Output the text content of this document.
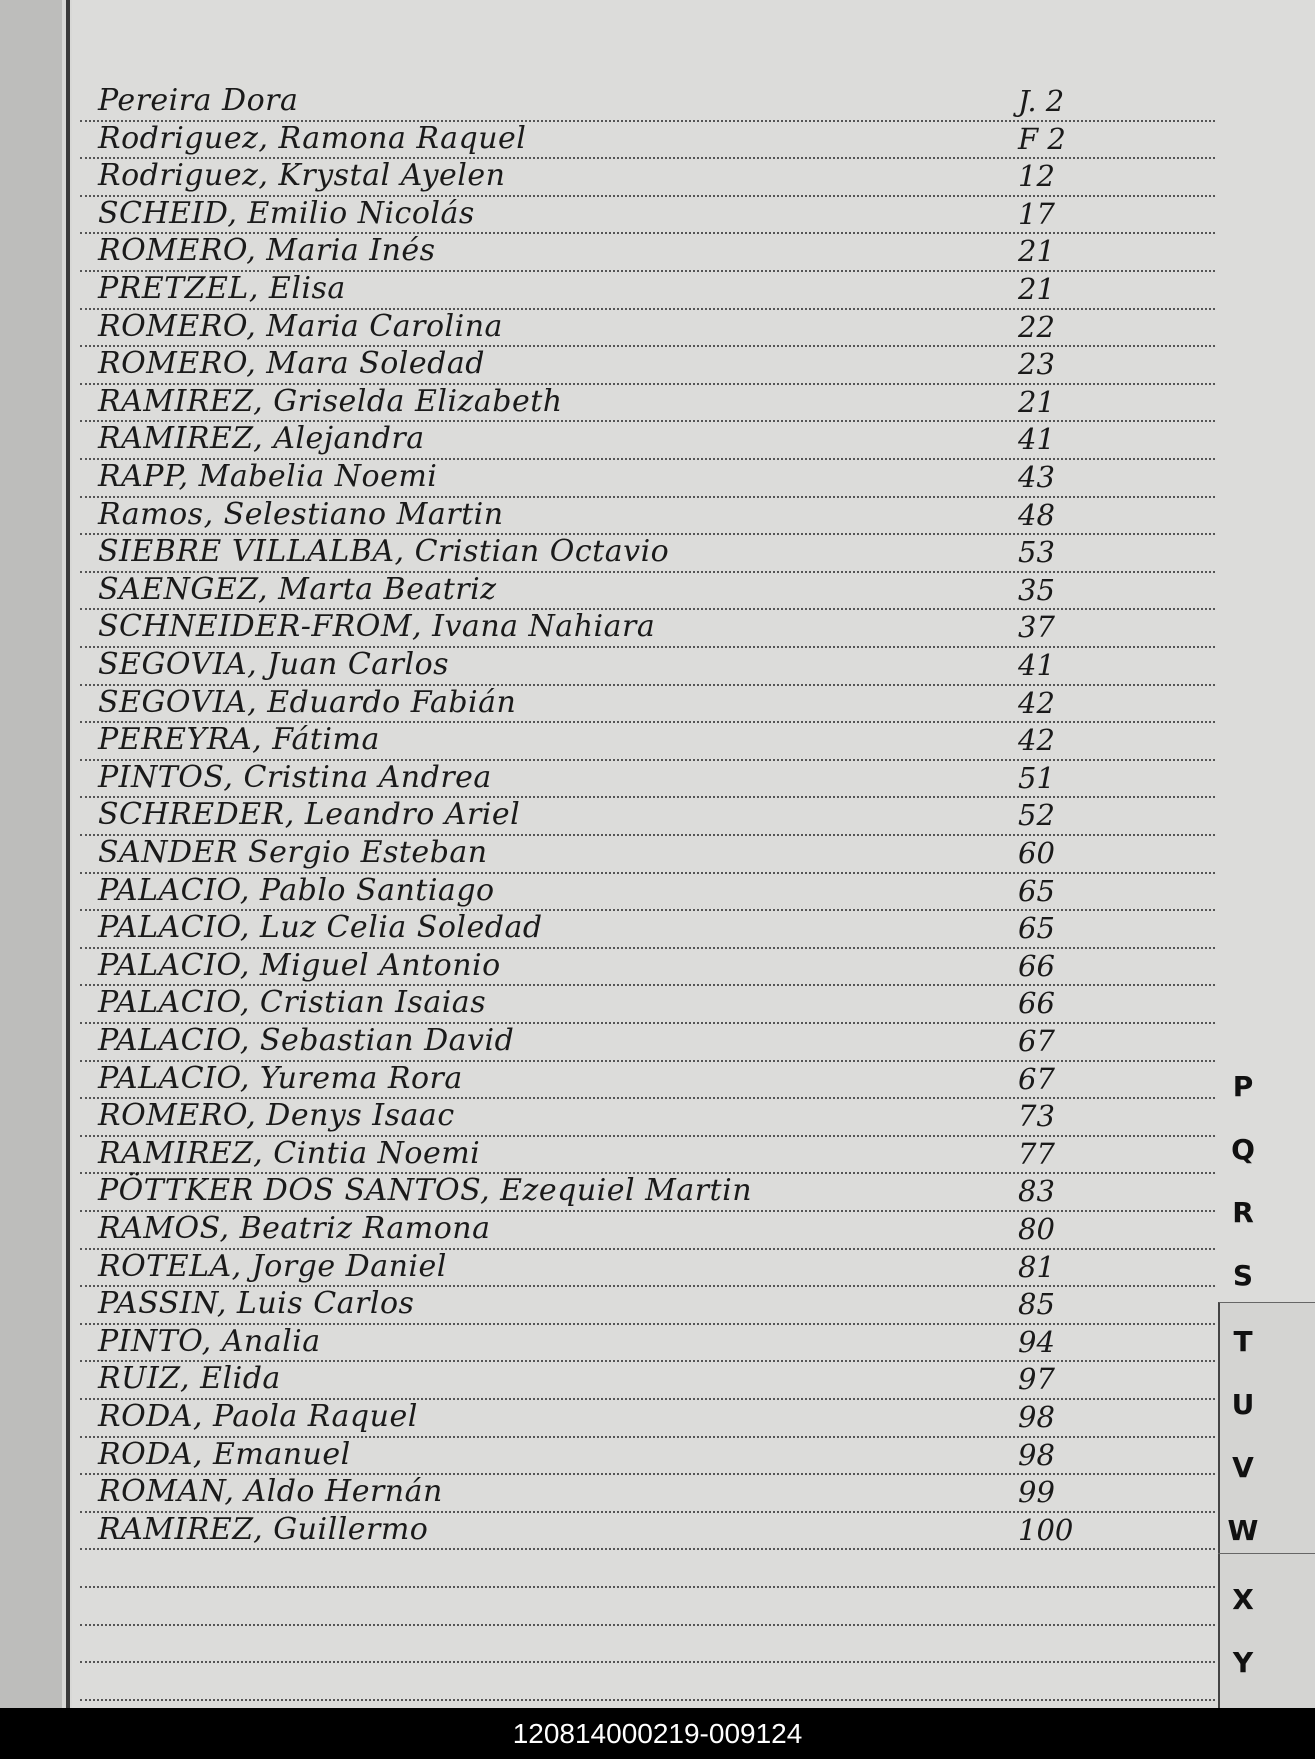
Pereira Dora	J. 2
Rodriguez, Ramona Raquel	F 2
Rodriguez, Krystal Ayelen	12
SCHEID, Emilio Nicolás	17
ROMERO, Maria Inés	21
PRETZEL, Elisa	21
ROMERO, Maria Carolina	22
ROMERO, Mara Soledad	23
RAMIREZ, Griselda Elizabeth	21
RAMIREZ, Alejandra	41
RAPP, Mabelia Noemi	43
Ramos, Selestiano Martin	48
SIEBRE VILLALBA, Cristian Octavio	53
SAENGEZ, Marta Beatriz	35
SCHNEIDER-FROM, Ivana Nahiara	37
SEGOVIA, Juan Carlos	41
SEGOVIA, Eduardo Fabián	42
PEREYRA, Fátima	42
PINTOS, Cristina Andrea	51
SCHREDER, Leandro Ariel	52
SANDER Sergio Esteban	60
PALACIO, Pablo Santiago	65
PALACIO, Luz Celia Soledad	65
PALACIO, Miguel Antonio	66
PALACIO, Cristian Isaias	66
PALACIO, Sebastian David	67
PALACIO, Yurema Rora	67
ROMERO, Denys Isaac	73
RAMIREZ, Cintia Noemi	77
PÖTTKER DOS SANTOS, Ezequiel Martin	83
RAMOS, Beatriz Ramona	80
ROTELA, Jorge Daniel	81
PASSIN, Luis Carlos	85
PINTO, Analia	94
RUIZ, Elida	97
RODA, Paola Raquel	98
RODA, Emanuel	98
ROMAN, Aldo Hernán	99
RAMIREZ, Guillermo	100
P
Q
R
S
T
U
V
W
X
Y
120814000219-009124
